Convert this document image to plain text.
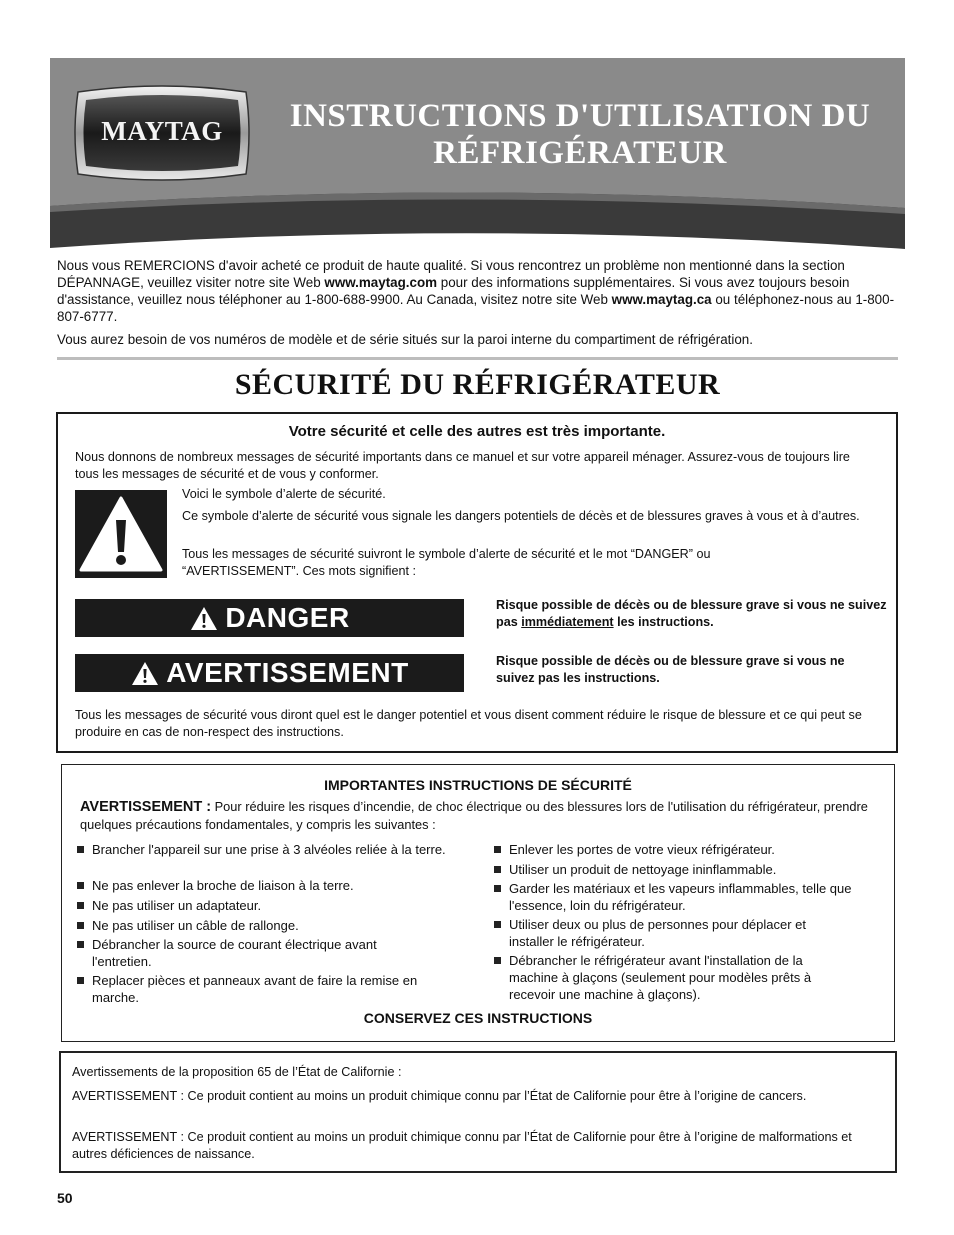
MAYTAG	INSTRUCTIONS D'UTILISATION DU
RÉFRIGÉRATEUR
Nous vous REMERCIONS d'avoir acheté ce produit de haute qualité. Si vous rencontrez un problème non mentionné dans la section DÉPANNAGE, veuillez visiter notre site Web www.maytag.com pour des informations supplémentaires. Si vous avez toujours besoin d'assistance, veuillez nous téléphoner au 1-800-688-9900. Au Canada, visitez notre site Web www.maytag.ca ou téléphonez-nous au 1-800-807-6777.
Vous aurez besoin de vos numéros de modèle et de série situés sur la paroi interne du compartiment de réfrigération.
SÉCURITÉ DU RÉFRIGÉRATEUR
Votre sécurité et celle des autres est très importante.
Nous donnons de nombreux messages de sécurité importants dans ce manuel et sur votre appareil ménager. Assurez-vous de toujours lire tous les messages de sécurité et de vous y conformer.
Voici le symbole d’alerte de sécurité.
Ce symbole d’alerte de sécurité vous signale les dangers potentiels de décès et de blessures graves à vous et à d’autres.
Tous les messages de sécurité suivront le symbole d’alerte de sécurité et le mot “DANGER” ou “AVERTISSEMENT”. Ces mots signifient :
DANGER	Risque possible de décès ou de blessure grave si vous ne suivez pas immédiatement les instructions.
AVERTISSEMENT	Risque possible de décès ou de blessure grave si vous ne suivez pas les instructions.
Tous les messages de sécurité vous diront quel est le danger potentiel et vous disent comment réduire le risque de blessure et ce qui peut se produire en cas de non-respect des instructions.
IMPORTANTES INSTRUCTIONS DE SÉCURITÉ
AVERTISSEMENT : Pour réduire les risques d’incendie, de choc électrique ou des blessures lors de l'utilisation du réfrigérateur, prendre quelques précautions fondamentales, y compris les suivantes :
Brancher l'appareil sur une prise à 3 alvéoles reliée à la terre.
Ne pas enlever la broche de liaison à la terre.
Ne pas utiliser un adaptateur.
Ne pas utiliser un câble de rallonge.
Débrancher la source de courant électrique avant l'entretien.
Replacer pièces et panneaux avant de faire la remise en marche.
Enlever les portes de votre vieux réfrigérateur.
Utiliser un produit de nettoyage ininflammable.
Garder les matériaux et les vapeurs inflammables, telle que l'essence, loin du réfrigérateur.
Utiliser deux ou plus de personnes pour déplacer et installer le réfrigérateur.
Débrancher le réfrigérateur avant l'installation de la machine à glaçons (seulement pour modèles prêts à recevoir une machine à glaçons).
CONSERVEZ CES INSTRUCTIONS
Avertissements de la proposition 65 de l’État de Californie :
AVERTISSEMENT : Ce produit contient au moins un produit chimique connu par l’État de Californie pour être à l’origine de cancers.
AVERTISSEMENT : Ce produit contient au moins un produit chimique connu par l’État de Californie pour être à l’origine de malformations et autres déficiences de naissance.
50
